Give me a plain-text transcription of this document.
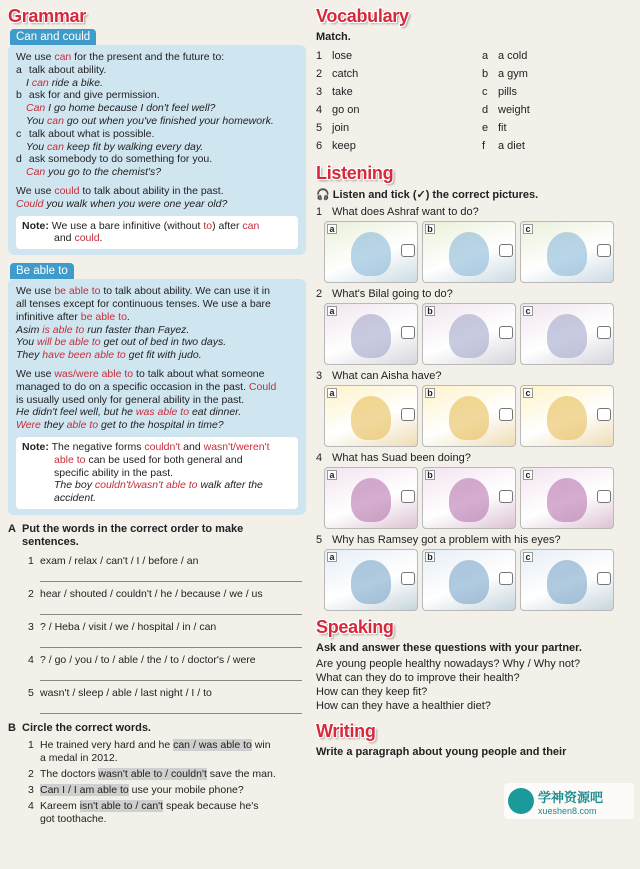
Grammar
Can and could
We use can for the present and the future to:
a talk about ability.
I can ride a bike.
b ask for and give permission.
Can I go home because I don't feel well?
You can go out when you've finished your homework.
c talk about what is possible.
You can keep fit by walking every day.
d ask somebody to do something for you.
Can you go to the chemist's?
We use could to talk about ability in the past.
Could you walk when you were one year old?
Note: We use a bare infinitive (without to) after can
and could.
Be able to
We use be able to to talk about ability. We can use it in
all tenses except for continuous tenses. We use a bare
infinitive after be able to.
Asim is able to run faster than Fayez.
You will be able to get out of bed in two days.
They have been able to get fit with judo.
We use was/were able to to talk about what someone
managed to do on a specific occasion in the past. Could
is usually used only for general ability in the past.
He didn't feel well, but he was able to eat dinner.
Were they able to get to the hospital in time?
Note: The negative forms couldn't and wasn't/weren't
able to can be used for both general and
specific ability in the past.
The boy couldn't/wasn't able to walk after the
accident.
A Put the words in the correct order to make
sentences.
1 exam / relax / can't / I / before / an
2 hear / shouted / couldn't / he / because / we / us
3 ? / Heba / visit / we / hospital / in / can
4 ? / go / you / to / able / the / to / doctor's / were
5 wasn't / sleep / able / last night / I / to
B Circle the correct words.
1 He trained very hard and he can / was able to win
a medal in 2012.
2 The doctors wasn't able to / couldn't save the man.
3 Can I / I am able to use your mobile phone?
4 Kareem isn't able to / can't speak because he's
got toothache.
Vocabulary
Match.
1 lose	a a cold
2 catch	b a gym
3 take	c pills
4 go on	d weight
5 join	e fit
6 keep	f	a diet
Listening
🎧 Listen and tick (✓) the correct pictures.
1 What does Ashraf want to do?
a	b	c
2 What's Bilal going to do?
a	b	c
3 What can Aisha have?
a	b	c
4 What has Suad been doing?
a	b	c
5 Why has Ramsey got a problem with his eyes?
a	b	c
Speaking
Ask and answer these questions with your partner.
Are young people healthy nowadays? Why / Why not?
What can they do to improve their health?
How can they keep fit?
How can they have a healthier diet?
Writing
Write a paragraph about young people and their
学神资源吧
xueshen8.com
